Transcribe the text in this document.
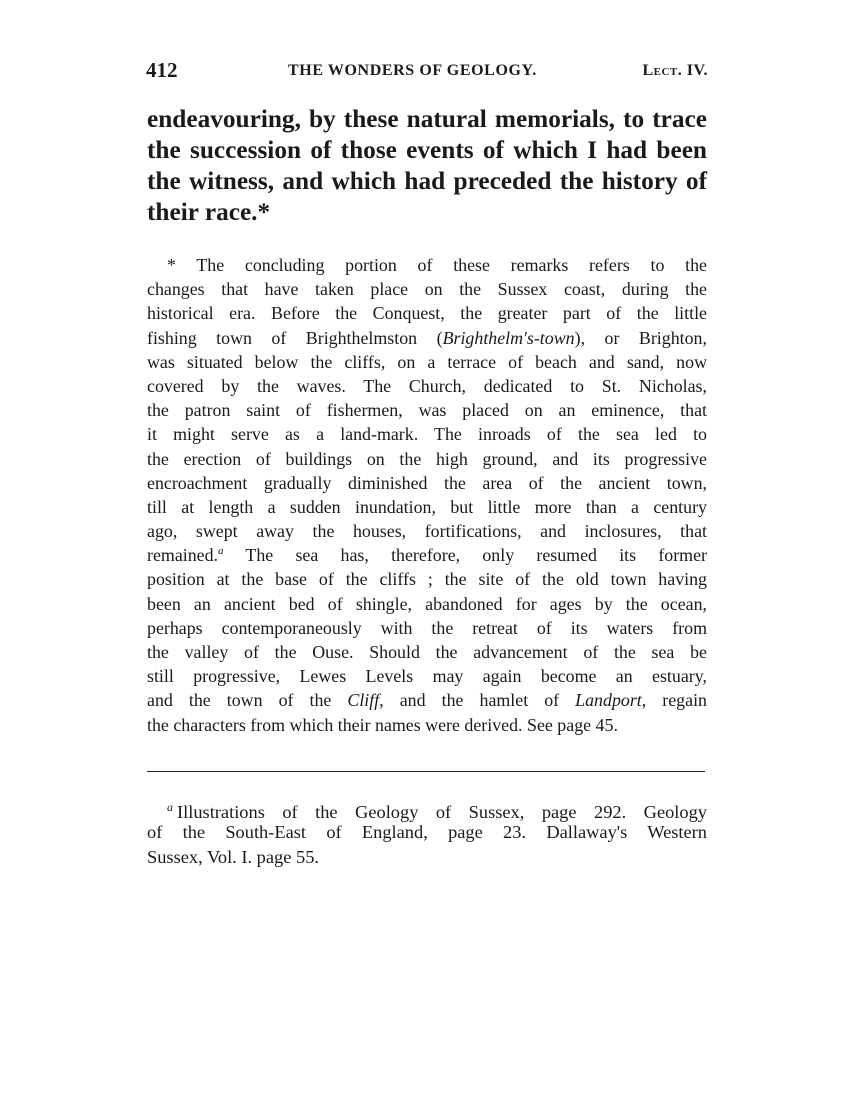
412	THE WONDERS OF GEOLOGY.	Lect. IV.
endeavouring, by these natural memorials, to trace
the succession of those events of which I had been
the witness, and which had preceded the history of
their race.*
* The concluding portion of these remarks refers to the
changes that have taken place on the Sussex coast, during the
historical era. Before the Conquest, the greater part of the little
fishing town of Brighthelmston (Brighthelm's-town), or Brighton,
was situated below the cliffs, on a terrace of beach and sand, now
covered by the waves. The Church, dedicated to St. Nicholas,
the patron saint of fishermen, was placed on an eminence, that
it might serve as a land-mark. The inroads of the sea led to
the erection of buildings on the high ground, and its progressive
encroachment gradually diminished the area of the ancient town,
till at length a sudden inundation, but little more than a century
ago, swept away the houses, fortifications, and inclosures, that
remained.$^a$ The sea has, therefore, only resumed its former
position at the base of the cliffs ; the site of the old town having
been an ancient bed of shingle, abandoned for ages by the ocean,
perhaps contemporaneously with the retreat of its waters from
the valley of the Ouse. Should the advancement of the sea be
still progressive, Lewes Levels may again become an estuary,
and the town of the Cliff, and the hamlet of Landport, regain
the characters from which their names were derived. See page 45.
$^a$ Illustrations of the Geology of Sussex, page 292. Geology
of the South-East of England, page 23. Dallaway's Western
Sussex, Vol. I. page 55.
